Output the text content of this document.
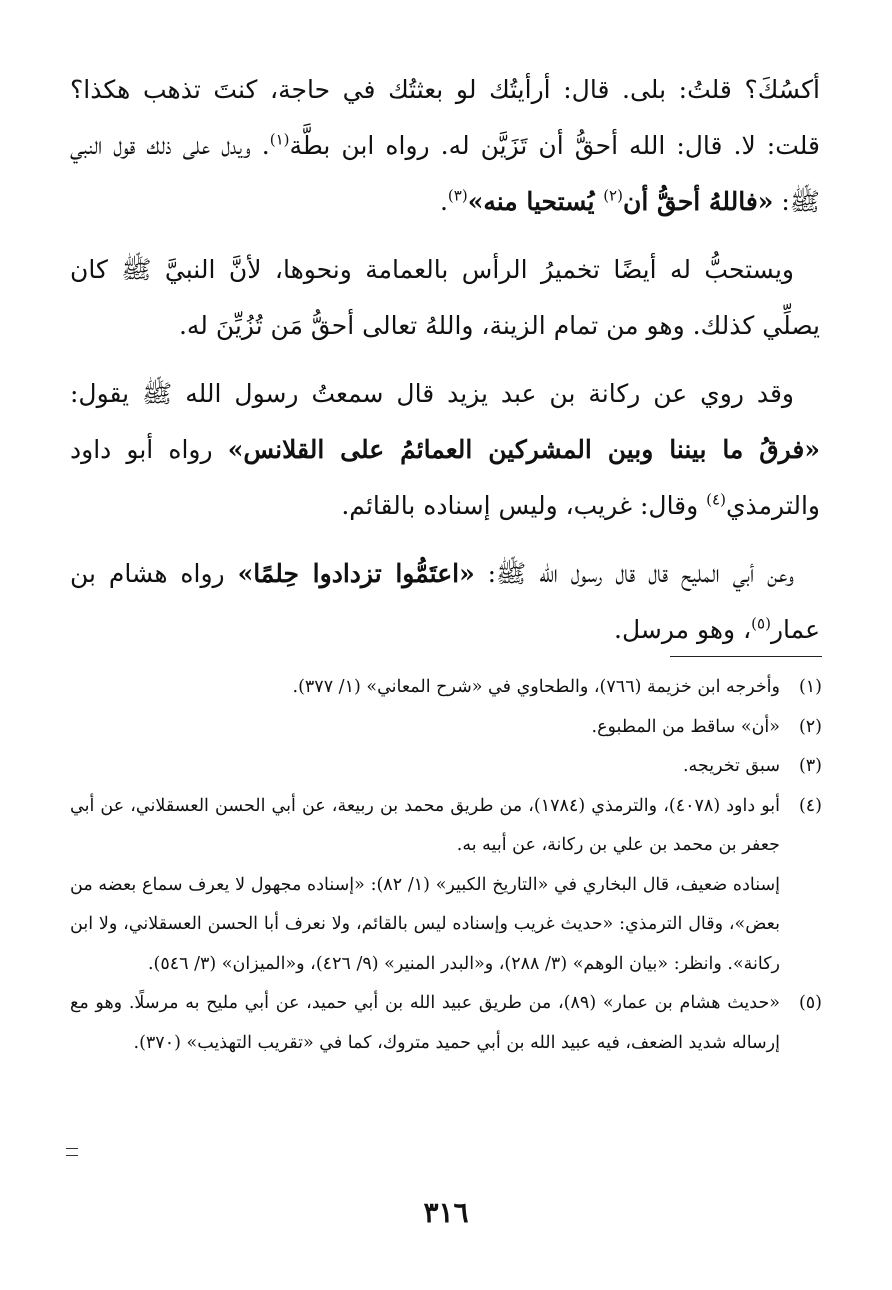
أكسُكَ؟ قلتُ: بلى. قال: أرأيتُك لو بعثتُك في حاجة، كنتَ تذهب هكذا؟ قلت: لا. قال: الله أحقُّ أن تَزَيَّن له. رواه ابن بطَّة$^{(١)}$. ويدل على ذلك قول النبي ﷺ: «فاللهُ أحقُّ أن$^{(٢)}$ يُستحيا منه»$^{(٣)}$.

ويستحبُّ له أيضًا تخميرُ الرأس بالعمامة ونحوها، لأنَّ النبيَّ ﷺ كان يصلِّي كذلك. وهو من تمام الزينة، واللهُ تعالى أحقُّ مَن تُزُيِّنَ له.

وقد روي عن ركانة بن عبد يزيد قال سمعتُ رسول الله ﷺ يقول: «فرقُ ما بيننا وبين المشركين العمائمُ على القلانس» رواه أبو داود والترمذي$^{(٤)}$ وقال: غريب، وليس إسناده بالقائم.

وعن أبي المليح قال قال رسول الله ﷺ: «اعتَمُّوا تزدادوا حِلمًا» رواه هشام بن عمار$^{(٥)}$، وهو مرسل.

(١)

وأخرجه ابن خزيمة (٧٦٦)، والطحاوي في «شرح المعاني» (١/ ٣٧٧).

(٢)

«أن» ساقط من المطبوع.

(٣)

سبق تخريجه.

(٤)

أبو داود (٤٠٧٨)، والترمذي (١٧٨٤)، من طريق محمد بن ربيعة، عن أبي الحسن العسقلاني، عن أبي جعفر بن محمد بن علي بن ركانة، عن أبيه به.

إسناده ضعيف، قال البخاري في «التاريخ الكبير» (١/ ٨٢): «إسناده مجهول لا يعرف سماع بعضه من بعض»، وقال الترمذي: «حديث غريب وإسناده ليس بالقائم، ولا نعرف أبا الحسن العسقلاني، ولا ابن ركانة». وانظر: «بيان الوهم» (٣/ ٢٨٨)، و«البدر المنير» (٩/ ٤٢٦)، و«الميزان» (٣/ ٥٤٦).

(٥)

«حديث هشام بن عمار» (٨٩)، من طريق عبيد الله بن أبي حميد، عن أبي مليح به مرسلًا. وهو مع إرساله شديد الضعف، فيه عبيد الله بن أبي حميد متروك، كما في «تقريب التهذيب» (٣٧٠).

٣١٦
